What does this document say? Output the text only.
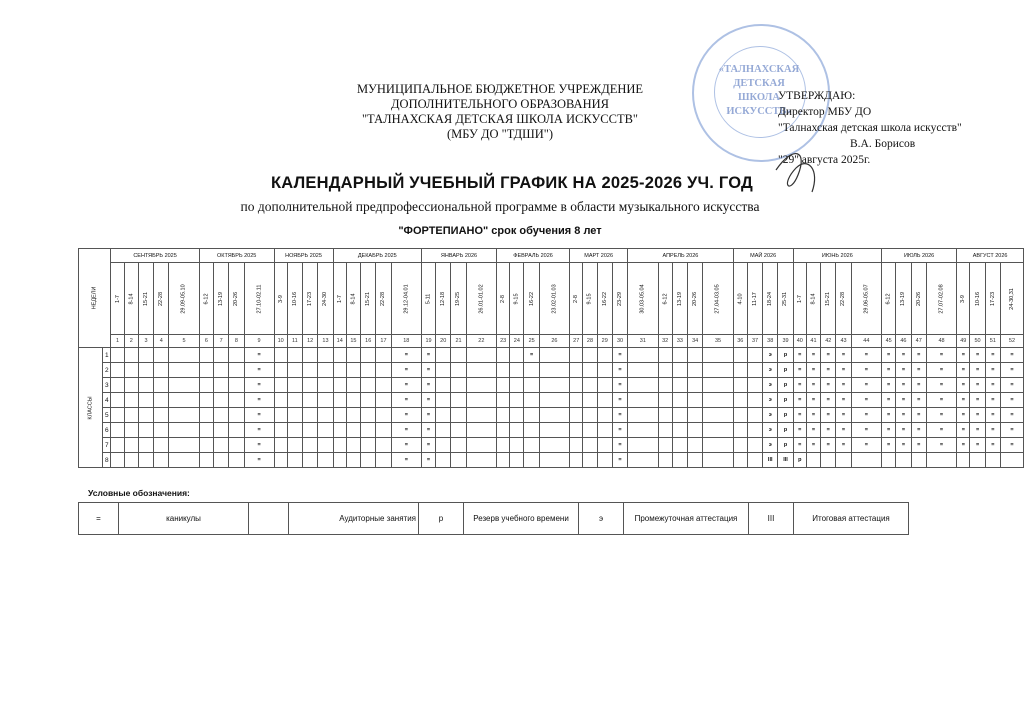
МУНИЦИПАЛЬНОЕ БЮДЖЕТНОЕ УЧРЕЖДЕНИЕ
ДОПОЛНИТЕЛЬНОГО ОБРАЗОВАНИЯ
"ТАЛНАХСКАЯ ДЕТСКАЯ ШКОЛА ИСКУССТВ"
(МБУ ДО "ТДШИ")
«ТАЛНАХСКАЯ
ДЕТСКАЯ
ШКОЛА
ИСКУССТВ»
УТВЕРЖДАЮ:
Директор МБУ ДО
"Талнахская детская школа искусств"
В.А. Борисов
"29" августа 2025г.
КАЛЕНДАРНЫЙ УЧЕБНЫЙ ГРАФИК НА 2025-2026 УЧ. ГОД
по дополнительной предпрофессиональной программе в области музыкального искусства
"ФОРТЕПИАНО" срок обучения 8 лет
НЕДЕЛИ		СЕНТЯБРЬ 2025					ОКТЯБРЬ 2025				НОЯБРЬ 2025				ДЕКАБРЬ 2025					ЯНВАРЬ 2026				ФЕВРАЛЬ 2026				МАРТ 2026				АПРЕЛЬ 2026					МАЙ 2026				ИЮНЬ 2026					ИЮЛЬ 2026				АВГУСТ 2026			
		1-7	8-14	15-21	22-28	29.09-05.10	6-12	13-19	20-26	27.10-02.11	3-9	10-16	17-23	24-30	1-7	8-14	15-21	22-28	29.12-04.01	5-11	12-18	19-25	26.01-01.02	2-8	9-15	16-22	23.02-01.03	2-8	9-15	16-22	23-29	30.03-05.04	6-12	13-19	20-26	27.04-03.05	4-10	11-17	18-24	25-31	1-7	8-14	15-21	22-28	29.06-05.07	6-12	13-19	20-26	27.07-02.08	3-9	10-16	17-23	24-30,31
		1	2	3	4	5	6	7	8	9	10	11	12	13	14	15	16	17	18	19	20	21	22	23	24	25	26	27	28	29	30	31	32	33	34	35	36	37	38	39	40	41	42	43	44	45	46	47	48	49	50	51	52
КЛАССЫ	1									=									=	=						=					=								э	р	=	=	=	=	=	=	=	=	=	=	=	=	=
	2									=									=	=											=								э	р	=	=	=	=	=	=	=	=	=	=	=	=	=
	3									=									=	=											=								э	р	=	=	=	=	=	=	=	=	=	=	=	=	=
	4									=									=	=											=								э	р	=	=	=	=	=	=	=	=	=	=	=	=	=
	5									=									=	=											=								э	р	=	=	=	=	=	=	=	=	=	=	=	=	=
	6									=									=	=											=								э	р	=	=	=	=	=	=	=	=	=	=	=	=	=
	7									=									=	=											=								э	р	=	=	=	=	=	=	=	=	=	=	=	=	=
	8									=									=	=											=								III	III	р												
Условные обозначения:
=	каникулы		Аудиторные занятия	р	Резерв учебного времени	э	Промежуточная аттестация	III	Итоговая аттестация
